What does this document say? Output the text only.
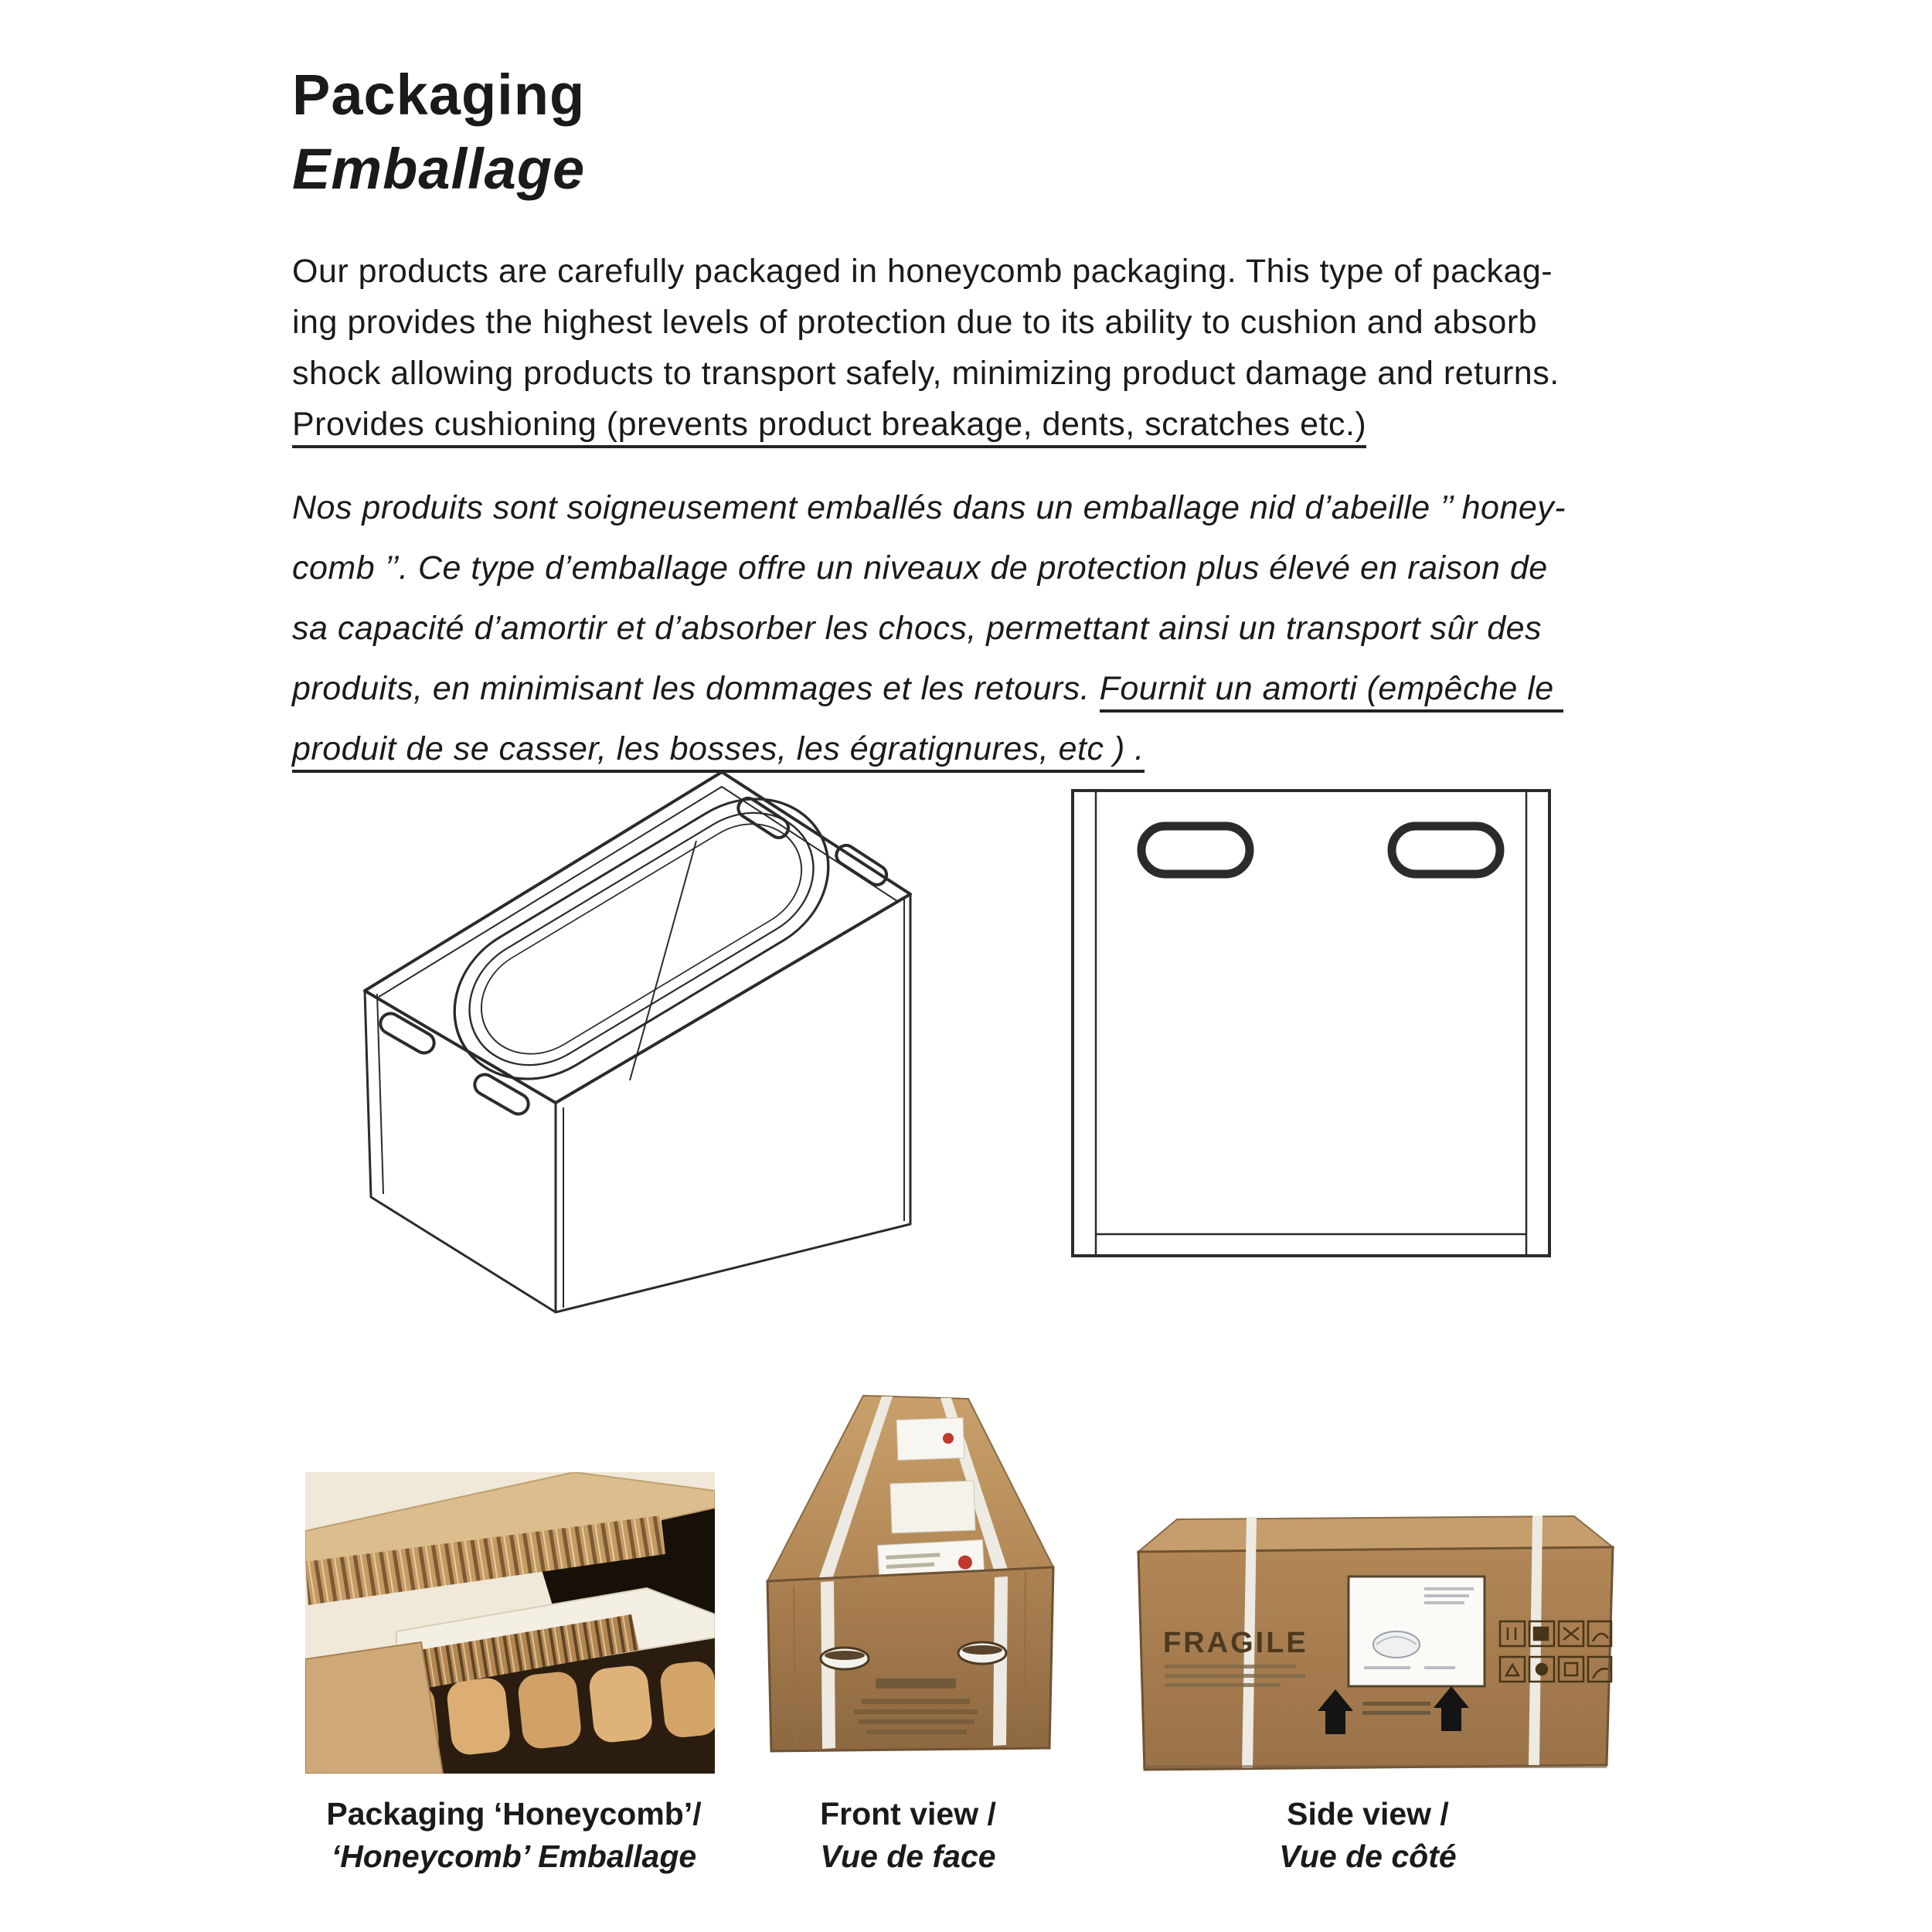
Packaging
Emballage
Our products are carefully packaged in honeycomb packaging. This type of packag-
ing provides the highest levels of protection due to its ability to cushion and absorb
shock allowing products to transport safely, minimizing product damage and returns.
Provides cushioning (prevents product breakage, dents, scratches etc.)
Nos produits sont soigneusement emballés dans un emballage nid d’abeille ’’ honey-
comb ’’. Ce type d’emballage offre un niveaux de protection plus élevé en raison de
sa capacité d’amortir et d’absorber les chocs, permettant ainsi un transport sûr des
produits, en minimisant les dommages et les retours. Fournit un amorti (empêche le
produit de se casser, les bosses, les égratignures, etc ) .
FRAGILE
Packaging ‘Honeycomb’/
‘Honeycomb’ Emballage
Front view /
Vue de face
Side view /
Vue de côté
